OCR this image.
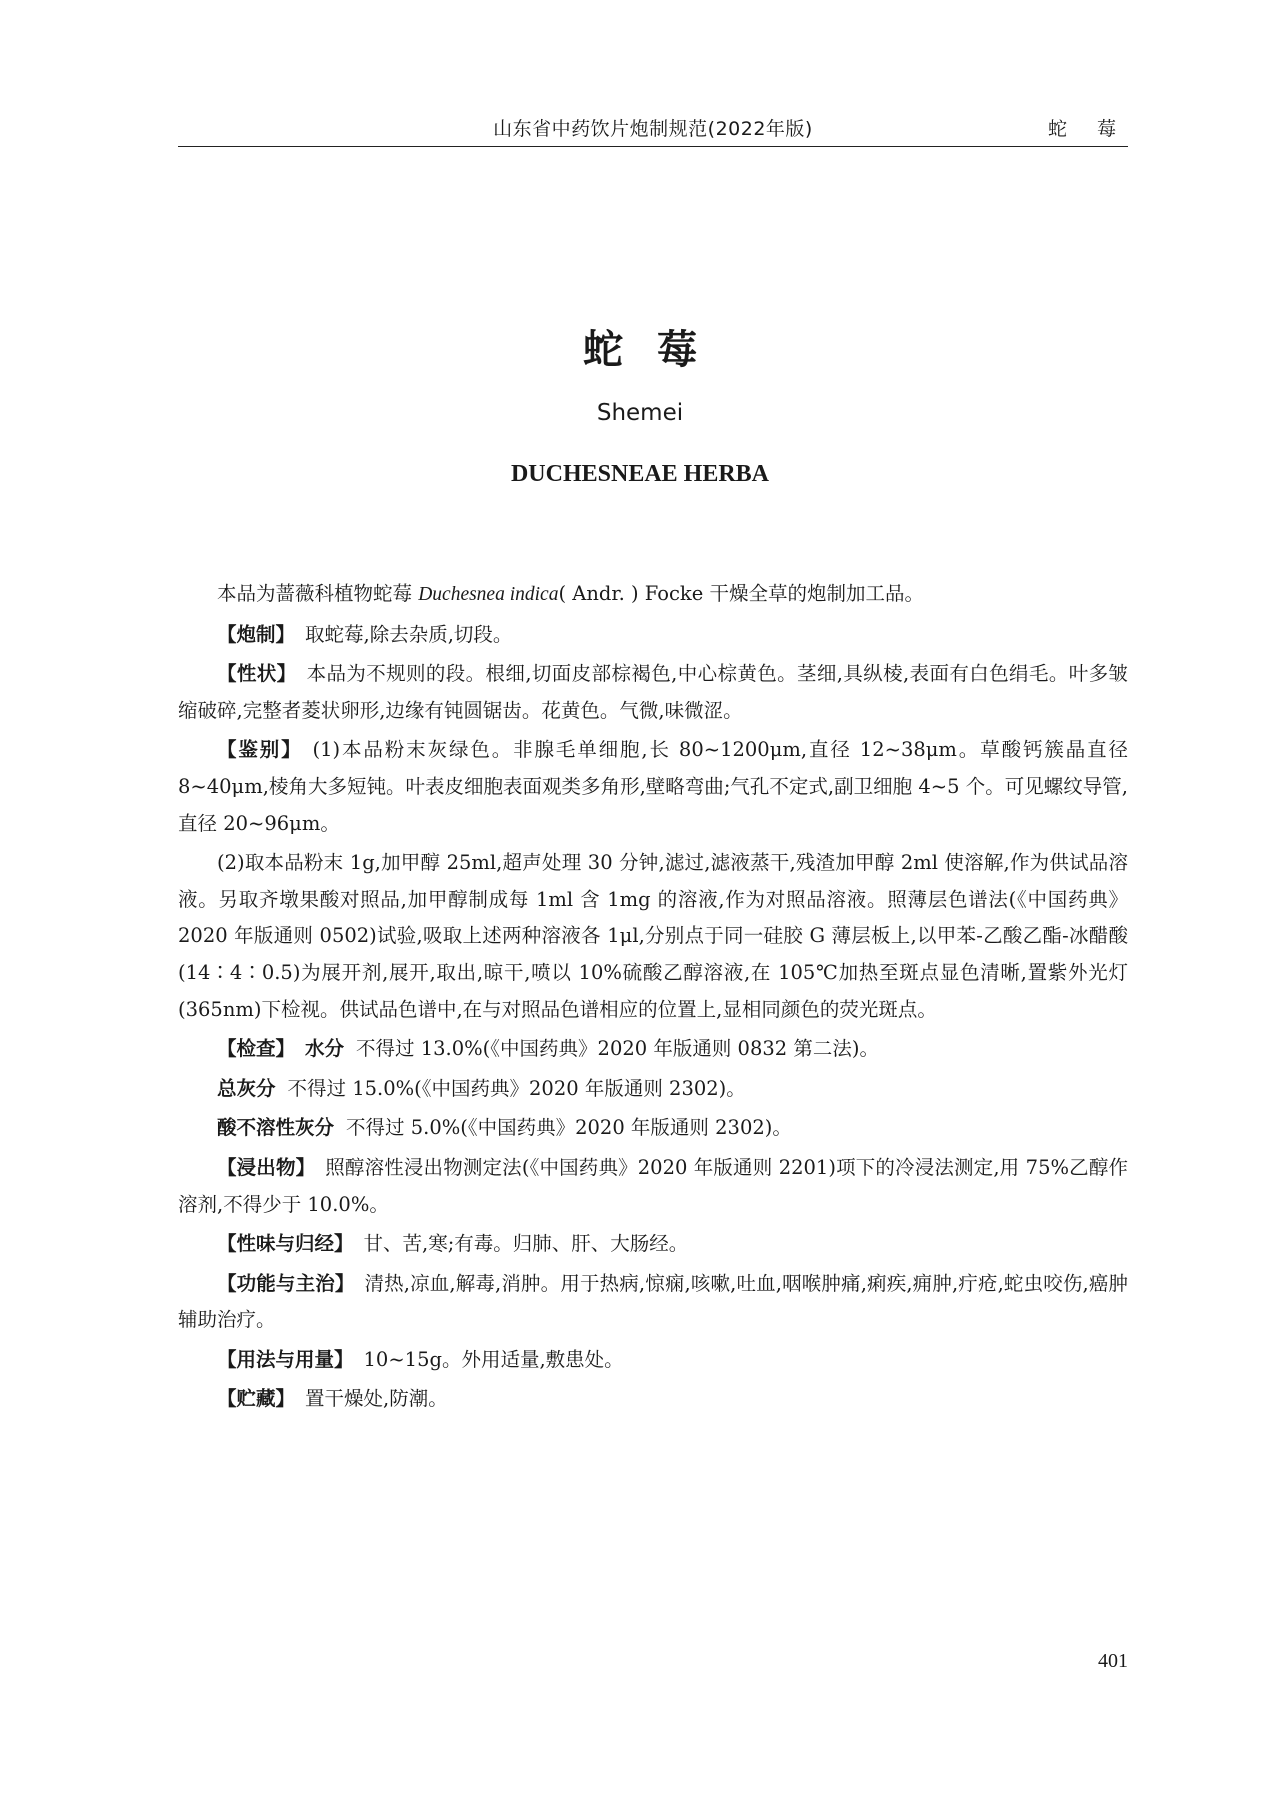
山东省中药饮片炮制规范(2022年版)	蛇 莓
蛇莓
Shemei
DUCHESNEAE HERBA

本品为蔷薇科植物蛇莓 Duchesnea indica( Andr. ) Focke 干燥全草的炮制加工品。

【炮制】 取蛇莓,除去杂质,切段。

【性状】 本品为不规则的段。根细,切面皮部棕褐色,中心棕黄色。茎细,具纵棱,表面有白色绢毛。叶多皱缩破碎,完整者菱状卵形,边缘有钝圆锯齿。花黄色。气微,味微涩。

【鉴别】 (1)本品粉末灰绿色。非腺毛单细胞,长 80~1200μm,直径 12~38μm。草酸钙簇晶直径 8~40μm,棱角大多短钝。叶表皮细胞表面观类多角形,壁略弯曲;气孔不定式,副卫细胞 4~5 个。可见螺纹导管,直径 20~96μm。

(2)取本品粉末 1g,加甲醇 25ml,超声处理 30 分钟,滤过,滤液蒸干,残渣加甲醇 2ml 使溶解,作为供试品溶液。另取齐墩果酸对照品,加甲醇制成每 1ml 含 1mg 的溶液,作为对照品溶液。照薄层色谱法(《中国药典》2020 年版通则 0502)试验,吸取上述两种溶液各 1μl,分别点于同一硅胶 G 薄层板上,以甲苯-乙酸乙酯-冰醋酸(14∶4∶0.5)为展开剂,展开,取出,晾干,喷以 10%硫酸乙醇溶液,在 105℃加热至斑点显色清晰,置紫外光灯(365nm)下检视。供试品色谱中,在与对照品色谱相应的位置上,显相同颜色的荧光斑点。

【检查】 水分 不得过 13.0%(《中国药典》2020 年版通则 0832 第二法)。

总灰分 不得过 15.0%(《中国药典》2020 年版通则 2302)。

酸不溶性灰分 不得过 5.0%(《中国药典》2020 年版通则 2302)。

【浸出物】 照醇溶性浸出物测定法(《中国药典》2020 年版通则 2201)项下的冷浸法测定,用 75%乙醇作溶剂,不得少于 10.0%。

【性味与归经】 甘、苦,寒;有毒。归肺、肝、大肠经。

【功能与主治】 清热,凉血,解毒,消肿。用于热病,惊痫,咳嗽,吐血,咽喉肿痛,痢疾,痈肿,疔疮,蛇虫咬伤,癌肿辅助治疗。

【用法与用量】 10~15g。外用适量,敷患处。

【贮藏】 置干燥处,防潮。

401
